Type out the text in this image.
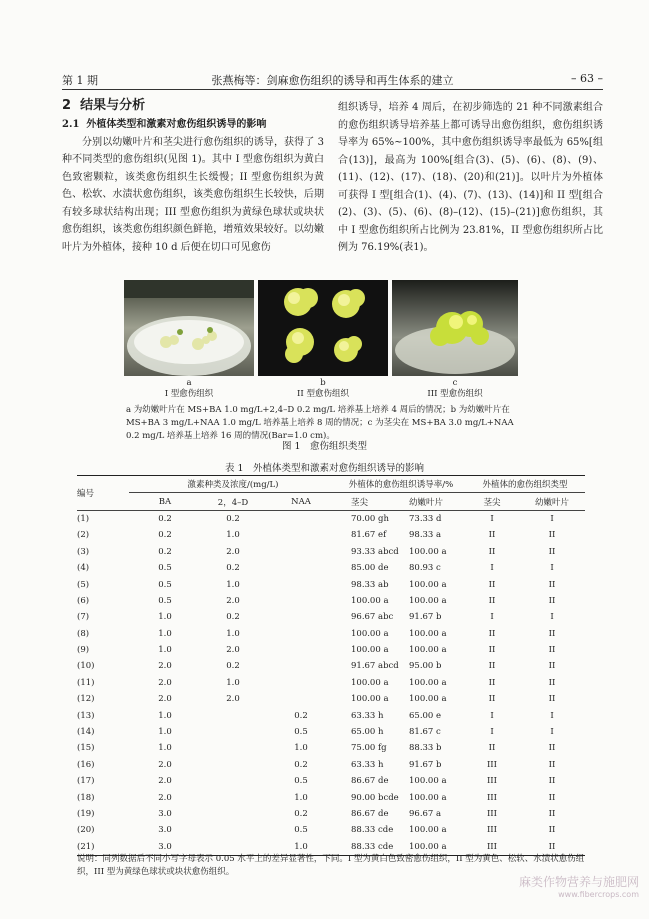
第 1 期	张燕梅等：剑麻愈伤组织的诱导和再生体系的建立	– 63 –

2 结果与分析

2.1 外植体类型和激素对愈伤组织诱导的影响

分别以幼嫩叶片和茎尖进行愈伤组织的诱导，获得了 3 种不同类型的愈伤组织(见图 1)。其中 I 型愈伤组织为黄白色致密颗粒，该类愈伤组织生长缓慢；II 型愈伤组织为黄色、松软、水渍状愈伤组织，该类愈伤组织生长较快，后期有较多球状结构出现；III 型愈伤组织为黄绿色球状或块状愈伤组织，该类愈伤组织颜色鲜艳，增殖效果较好。以幼嫩叶片为外植体，接种 10 d 后便在切口可见愈伤

组织诱导，培养 4 周后，在初步筛选的 21 种不同激素组合的愈伤组织诱导培养基上都可诱导出愈伤组织，愈伤组织诱导率为 65%~100%，其中愈伤组织诱导率最低为 65%[组合(13)]，最高为 100%[组合(3)、(5)、(6)、(8)、(9)、(11)、(12)、(17)、(18)、(20)和(21)]。以叶片为外植体可获得 I 型[组合(1)、(4)、(7)、(13)、(14)]和 II 型[组合(2)、(3)、(5)、(6)、(8)–(12)、(15)–(21)]愈伤组织，其中 I 型愈伤组织所占比例为 23.81%，II 型愈伤组织所占比例为 76.19%(表1)。

a
I 型愈伤组织
b
II 型愈伤组织
c
III 型愈伤组织
a 为幼嫩叶片在 MS+BA 1.0 mg/L+2,4–D 0.2 mg/L 培养基上培养 4 周后的情况；b 为幼嫩叶片在 MS+BA 3 mg/L+NAA 1.0 mg/L 培养基上培养 8 周的情况；c 为茎尖在 MS+BA 3.0 mg/L+NAA 0.2 mg/L 培养基上培养 16 周的情况(Bar=1.0 cm)。
图 1　愈伤组织类型
表 1　外植体类型和激素对愈伤组织诱导的影响
编号	激素种类及浓度/(mg/L)			外植体的愈伤组织诱导率/%		外植体的愈伤组织类型	
	BA	2，4–D	NAA	茎尖	幼嫩叶片	茎尖	幼嫩叶片
(1)	0.2	0.2		70.00 gh	73.33 d	I	I
(2)	0.2	1.0		81.67 ef	98.33 a	II	II
(3)	0.2	2.0		93.33 abcd	100.00 a	II	II
(4)	0.5	0.2		85.00 de	80.93 c	I	I
(5)	0.5	1.0		98.33 ab	100.00 a	II	II
(6)	0.5	2.0		100.00 a	100.00 a	II	II
(7)	1.0	0.2		96.67 abc	91.67 b	I	I
(8)	1.0	1.0		100.00 a	100.00 a	II	II
(9)	1.0	2.0		100.00 a	100.00 a	II	II
(10)	2.0	0.2		91.67 abcd	95.00 b	II	II
(11)	2.0	1.0		100.00 a	100.00 a	II	II
(12)	2.0	2.0		100.00 a	100.00 a	II	II
(13)	1.0		0.2	63.33 h	65.00 e	I	I
(14)	1.0		0.5	65.00 h	81.67 c	I	I
(15)	1.0		1.0	75.00 fg	88.33 b	II	II
(16)	2.0		0.2	63.33 h	91.67 b	III	II
(17)	2.0		0.5	86.67 de	100.00 a	III	II
(18)	2.0		1.0	90.00 bcde	100.00 a	III	II
(19)	3.0		0.2	86.67 de	96.67 a	III	II
(20)	3.0		0.5	88.33 cde	100.00 a	III	II
(21)	3.0		1.0	88.33 cde	100.00 a	III	II
说明：同列数据后不同小写字母表示 0.05 水平上的差异显著性，下同。I 型为黄白色致密愈伤组织，II 型为黄色、松软、水渍状愈伤组织，III 型为黄绿色球状或块状愈伤组织。
麻类作物营养与施肥网
www.fibercrops.com
